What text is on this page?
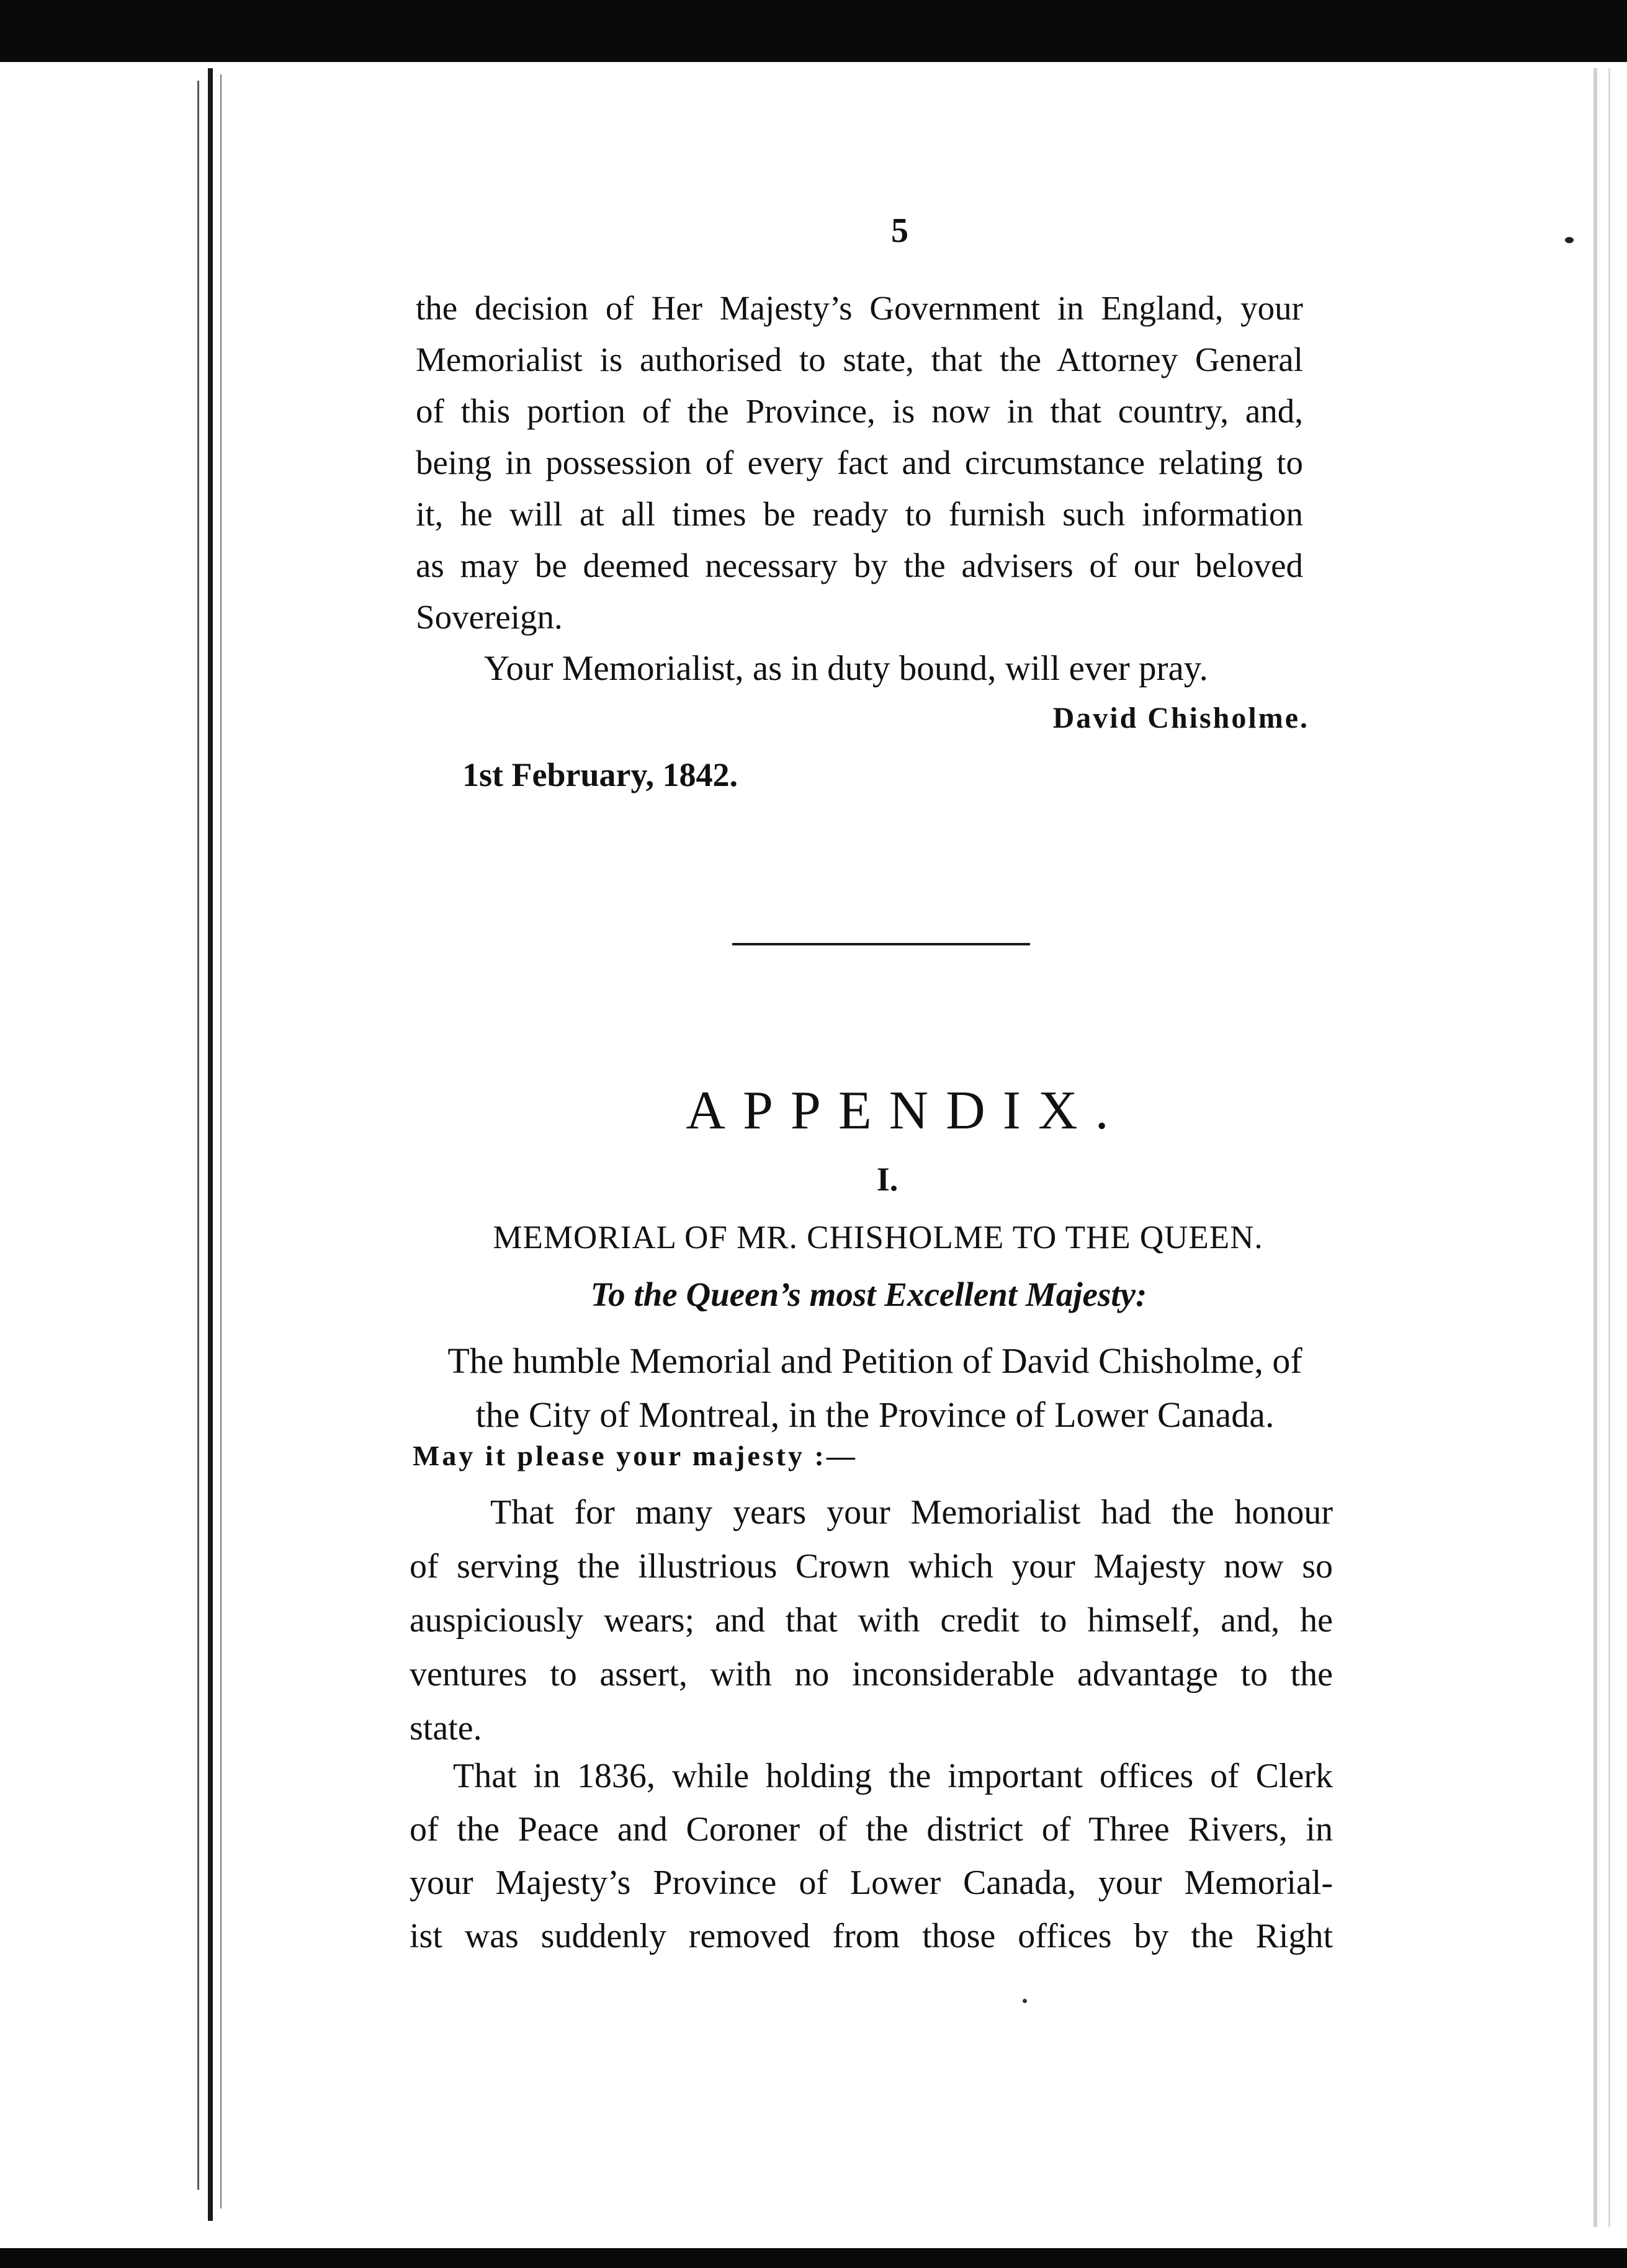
5
the decision of Her Majesty’s Government in England, your
Memorialist is authorised to state, that the Attorney General
of this portion of the Province, is now in that country, and,
being in possession of every fact and circumstance relating to
it, he will at all times be ready to furnish such information
as may be deemed necessary by the advisers of our beloved
Sovereign.
Your Memorialist, as in duty bound, will ever pray.
David Chisholme.
1st February, 1842.
APPENDIX.
I.
MEMORIAL OF MR. CHISHOLME TO THE QUEEN.
To the Queen’s most Excellent Majesty:
The humble Memorial and Petition of David Chisholme, of
the City of Montreal, in the Province of Lower Canada.
May it please your majesty :—
That for many years your Memorialist had the honour
of serving the illustrious Crown which your Majesty now so
auspiciously wears; and that with credit to himself, and, he
ventures to assert, with no inconsiderable advantage to the
state.
That in 1836, while holding the important offices of Clerk
of the Peace and Coroner of the district of Three Rivers, in
your Majesty’s Province of Lower Canada, your Memorial-
ist was suddenly removed from those offices by the Right
